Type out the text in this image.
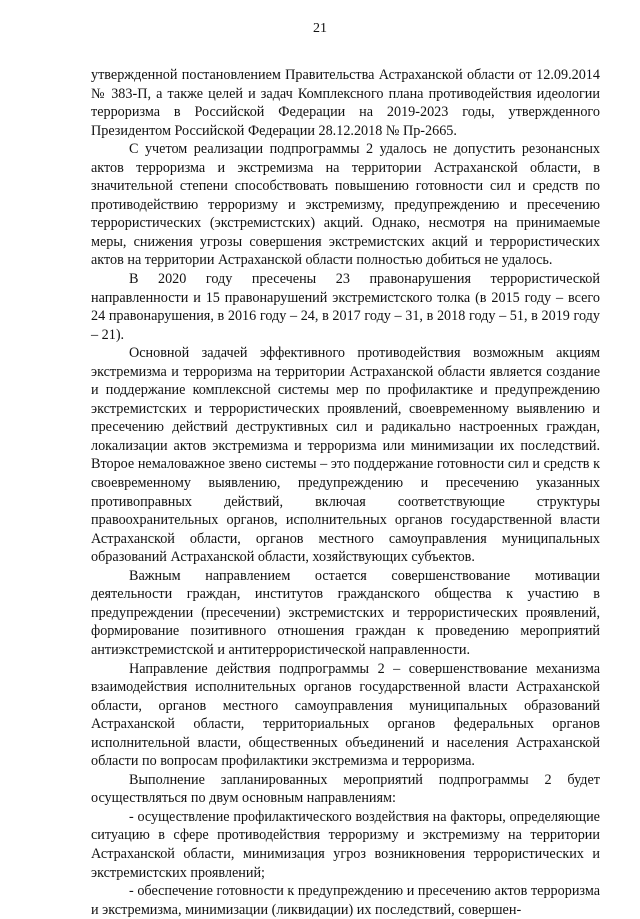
21

утвержденной постановлением Правительства Астраханской области от 12.09.2014 № 383-П, а также целей и задач Комплексного плана противодействия идеологии терроризма в Российской Федерации на 2019-2023 годы, утвержденного Президентом Российской Федерации 28.12.2018 № Пр-2665.

С учетом реализации подпрограммы 2 удалось не допустить резонансных актов терроризма и экстремизма на территории Астраханской области, в значительной степени способствовать повышению готовности сил и средств по противодействию терроризму и экстремизму, предупреждению и пресечению террористических (экстремистских) акций. Однако, несмотря на принимаемые меры, снижения угрозы совершения экстремистских акций и террористических актов на территории Астраханской области полностью добиться не удалось.

В 2020 году пресечены 23 правонарушения террористической направленности и 15 правонарушений экстремистского толка (в 2015 году – всего 24 правонарушения, в 2016 году – 24, в 2017 году – 31, в 2018 году – 51, в 2019 году – 21).

Основной задачей эффективного противодействия возможным акциям экстремизма и терроризма на территории Астраханской области является создание и поддержание комплексной системы мер по профилактике и предупреждению экстремистских и террористических проявлений, своевременному выявлению и пресечению действий деструктивных сил и радикально настроенных граждан, локализации актов экстремизма и терроризма или минимизации их последствий. Второе немаловажное звено системы – это поддержание готовности сил и средств к своевременному выявлению, предупреждению и пресечению указанных противоправных действий, включая соответствующие структуры правоохранительных органов, исполнительных органов государственной власти Астраханской области, органов местного самоуправления муниципальных образований Астраханской области, хозяйствующих субъектов.

Важным направлением остается совершенствование мотивации деятельности граждан, институтов гражданского общества к участию в предупреждении (пресечении) экстремистских и террористических проявлений, формирование позитивного отношения граждан к проведению мероприятий антиэкстремистской и антитеррористической направленности.

Направление действия подпрограммы 2 – совершенствование механизма взаимодействия исполнительных органов государственной власти Астраханской области, органов местного самоуправления муниципальных образований Астраханской области, территориальных органов федеральных органов исполнительной власти, общественных объединений и населения Астраханской области по вопросам профилактики экстремизма и терроризма.

Выполнение запланированных мероприятий подпрограммы 2 будет осуществляться по двум основным направлениям:

- осуществление профилактического воздействия на факторы, определяющие ситуацию в сфере противодействия терроризму и экстремизму на территории Астраханской области, минимизация угроз возникновения террористических и экстремистских проявлений;

- обеспечение готовности к предупреждению и пресечению актов терроризма и экстремизма, минимизации (ликвидации) их последствий, совершен-
